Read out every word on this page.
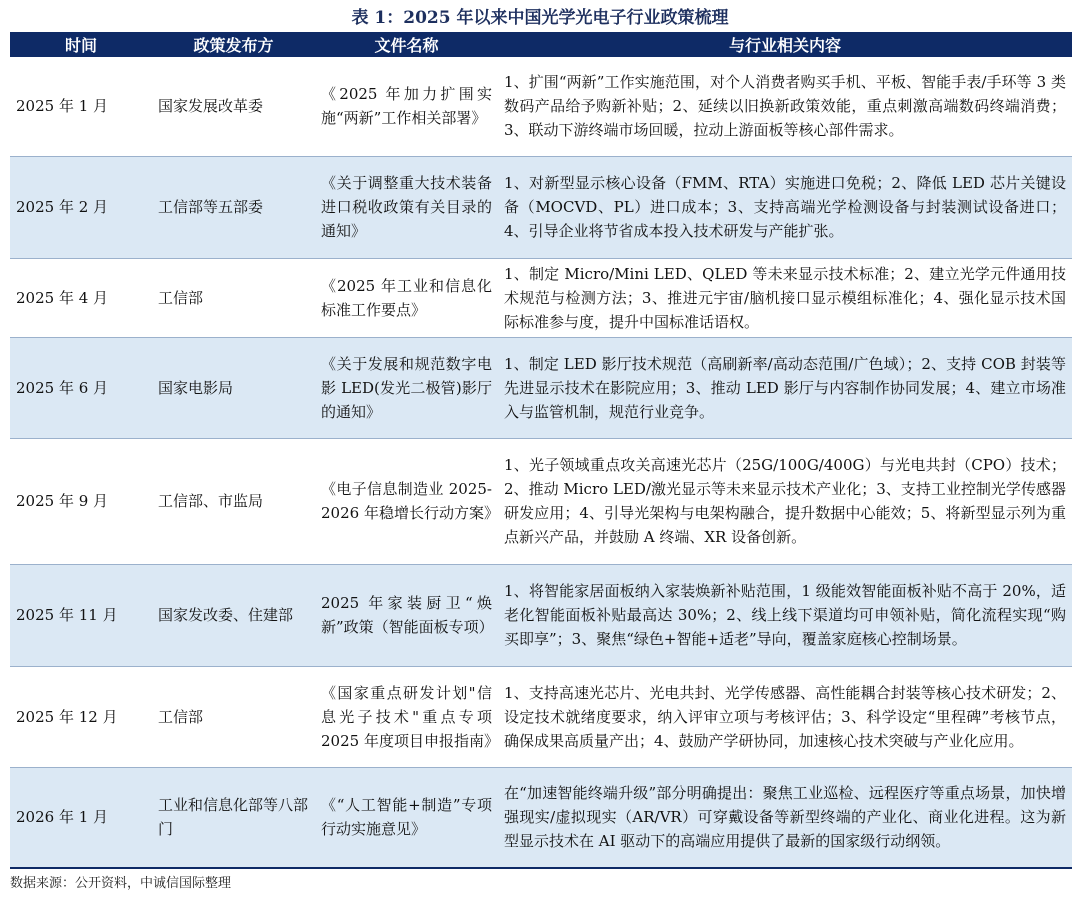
表 1：2025 年以来中国光学光电子行业政策梳理
时间	政策发布方	文件名称	与行业相关内容
2025 年 1 月	国家发展改革委	《2025 年加力扩围实施“两新”工作相关部署》	1、扩围“两新”工作实施范围，对个人消费者购买手机、平板、智能手表/手环等 3 类数码产品给予购新补贴；2、延续以旧换新政策效能，重点刺激高端数码终端消费；3、联动下游终端市场回暖，拉动上游面板等核心部件需求。
2025 年 2 月	工信部等五部委	《关于调整重大技术装备进口税收政策有关目录的通知》	1、对新型显示核心设备（FMM、RTA）实施进口免税；2、降低 LED 芯片关键设备（MOCVD、PL）进口成本；3、支持高端光学检测设备与封装测试设备进口；4、引导企业将节省成本投入技术研发与产能扩张。
2025 年 4 月	工信部	《2025 年工业和信息化标准工作要点》	1、制定 Micro/Mini LED、QLED 等未来显示技术标准；2、建立光学元件通用技术规范与检测方法；3、推进元宇宙/脑机接口显示模组标准化；4、强化显示技术国际标准参与度，提升中国标准话语权。
2025 年 6 月	国家电影局	《关于发展和规范数字电影 LED(发光二极管)影厅的通知》	1、制定 LED 影厅技术规范（高刷新率/高动态范围/广色域）；2、支持 COB 封装等先进显示技术在影院应用；3、推动 LED 影厅与内容制作协同发展；4、建立市场准入与监管机制，规范行业竞争。
2025 年 9 月	工信部、市监局	《电子信息制造业 2025-2026 年稳增长行动方案》	1、光子领域重点攻关高速光芯片（25G/100G/400G）与光电共封（CPO）技术；2、推动 Micro LED/激光显示等未来显示技术产业化；3、支持工业控制光学传感器研发应用；4、引导光架构与电架构融合，提升数据中心能效；5、将新型显示列为重点新兴产品，并鼓励 A 终端、XR 设备创新。
2025 年 11 月	国家发改委、住建部	2025 年家装厨卫“焕新”政策（智能面板专项）	1、将智能家居面板纳入家装焕新补贴范围，1 级能效智能面板补贴不高于 20%，适老化智能面板补贴最高达 30%；2、线上线下渠道均可申领补贴，简化流程实现“购买即享”；3、聚焦“绿色+智能+适老”导向，覆盖家庭核心控制场景。
2025 年 12 月	工信部	《国家重点研发计划"信息光子技术"重点专项 2025 年度项目申报指南》	1、支持高速光芯片、光电共封、光学传感器、高性能耦合封装等核心技术研发；2、设定技术就绪度要求，纳入评审立项与考核评估；3、科学设定“里程碑”考核节点，确保成果高质量产出；4、鼓励产学研协同，加速核心技术突破与产业化应用。
2026 年 1 月	工业和信息化部等八部门	《“人工智能+制造”专项行动实施意见》	在“加速智能终端升级”部分明确提出：聚焦工业巡检、远程医疗等重点场景，加快增强现实/虚拟现实（AR/VR）可穿戴设备等新型终端的产业化、商业化进程。这为新型显示技术在 AI 驱动下的高端应用提供了最新的国家级行动纲领。
数据来源：公开资料，中诚信国际整理
